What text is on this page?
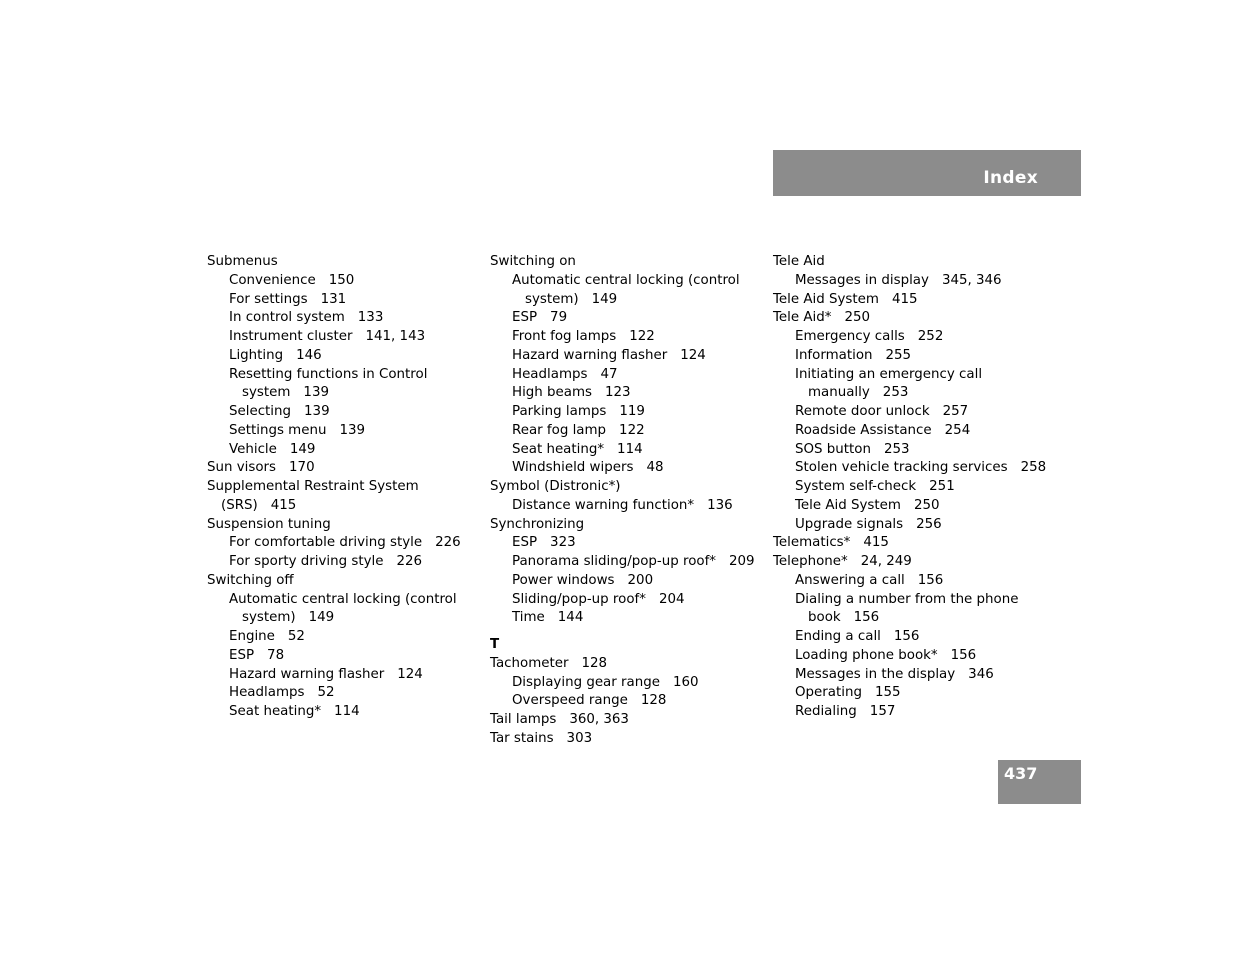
Index
Submenus
Convenience 150
For settings 131
In control system 133
Instrument cluster 141, 143
Lighting 146
Resetting functions in Control
system 139
Selecting 139
Settings menu 139
Vehicle 149
Sun visors 170
Supplemental Restraint System
(SRS) 415
Suspension tuning
For comfortable driving style 226
For sporty driving style 226
Switching off
Automatic central locking (control
system) 149
Engine 52
ESP 78
Hazard warning flasher 124
Headlamps 52
Seat heating* 114
Switching on
Automatic central locking (control
system) 149
ESP 79
Front fog lamps 122
Hazard warning flasher 124
Headlamps 47
High beams 123
Parking lamps 119
Rear fog lamp 122
Seat heating* 114
Windshield wipers 48
Symbol (Distronic*)
Distance warning function* 136
Synchronizing
ESP 323
Panorama sliding/pop-up roof* 209
Power windows 200
Sliding/pop-up roof* 204
Time 144
T
Tachometer 128
Displaying gear range 160
Overspeed range 128
Tail lamps 360, 363
Tar stains 303
Tele Aid
Messages in display 345, 346
Tele Aid System 415
Tele Aid* 250
Emergency calls 252
Information 255
Initiating an emergency call
manually 253
Remote door unlock 257
Roadside Assistance 254
SOS button 253
Stolen vehicle tracking services 258
System self-check 251
Tele Aid System 250
Upgrade signals 256
Telematics* 415
Telephone* 24, 249
Answering a call 156
Dialing a number from the phone
book 156
Ending a call 156
Loading phone book* 156
Messages in the display 346
Operating 155
Redialing 157
437
